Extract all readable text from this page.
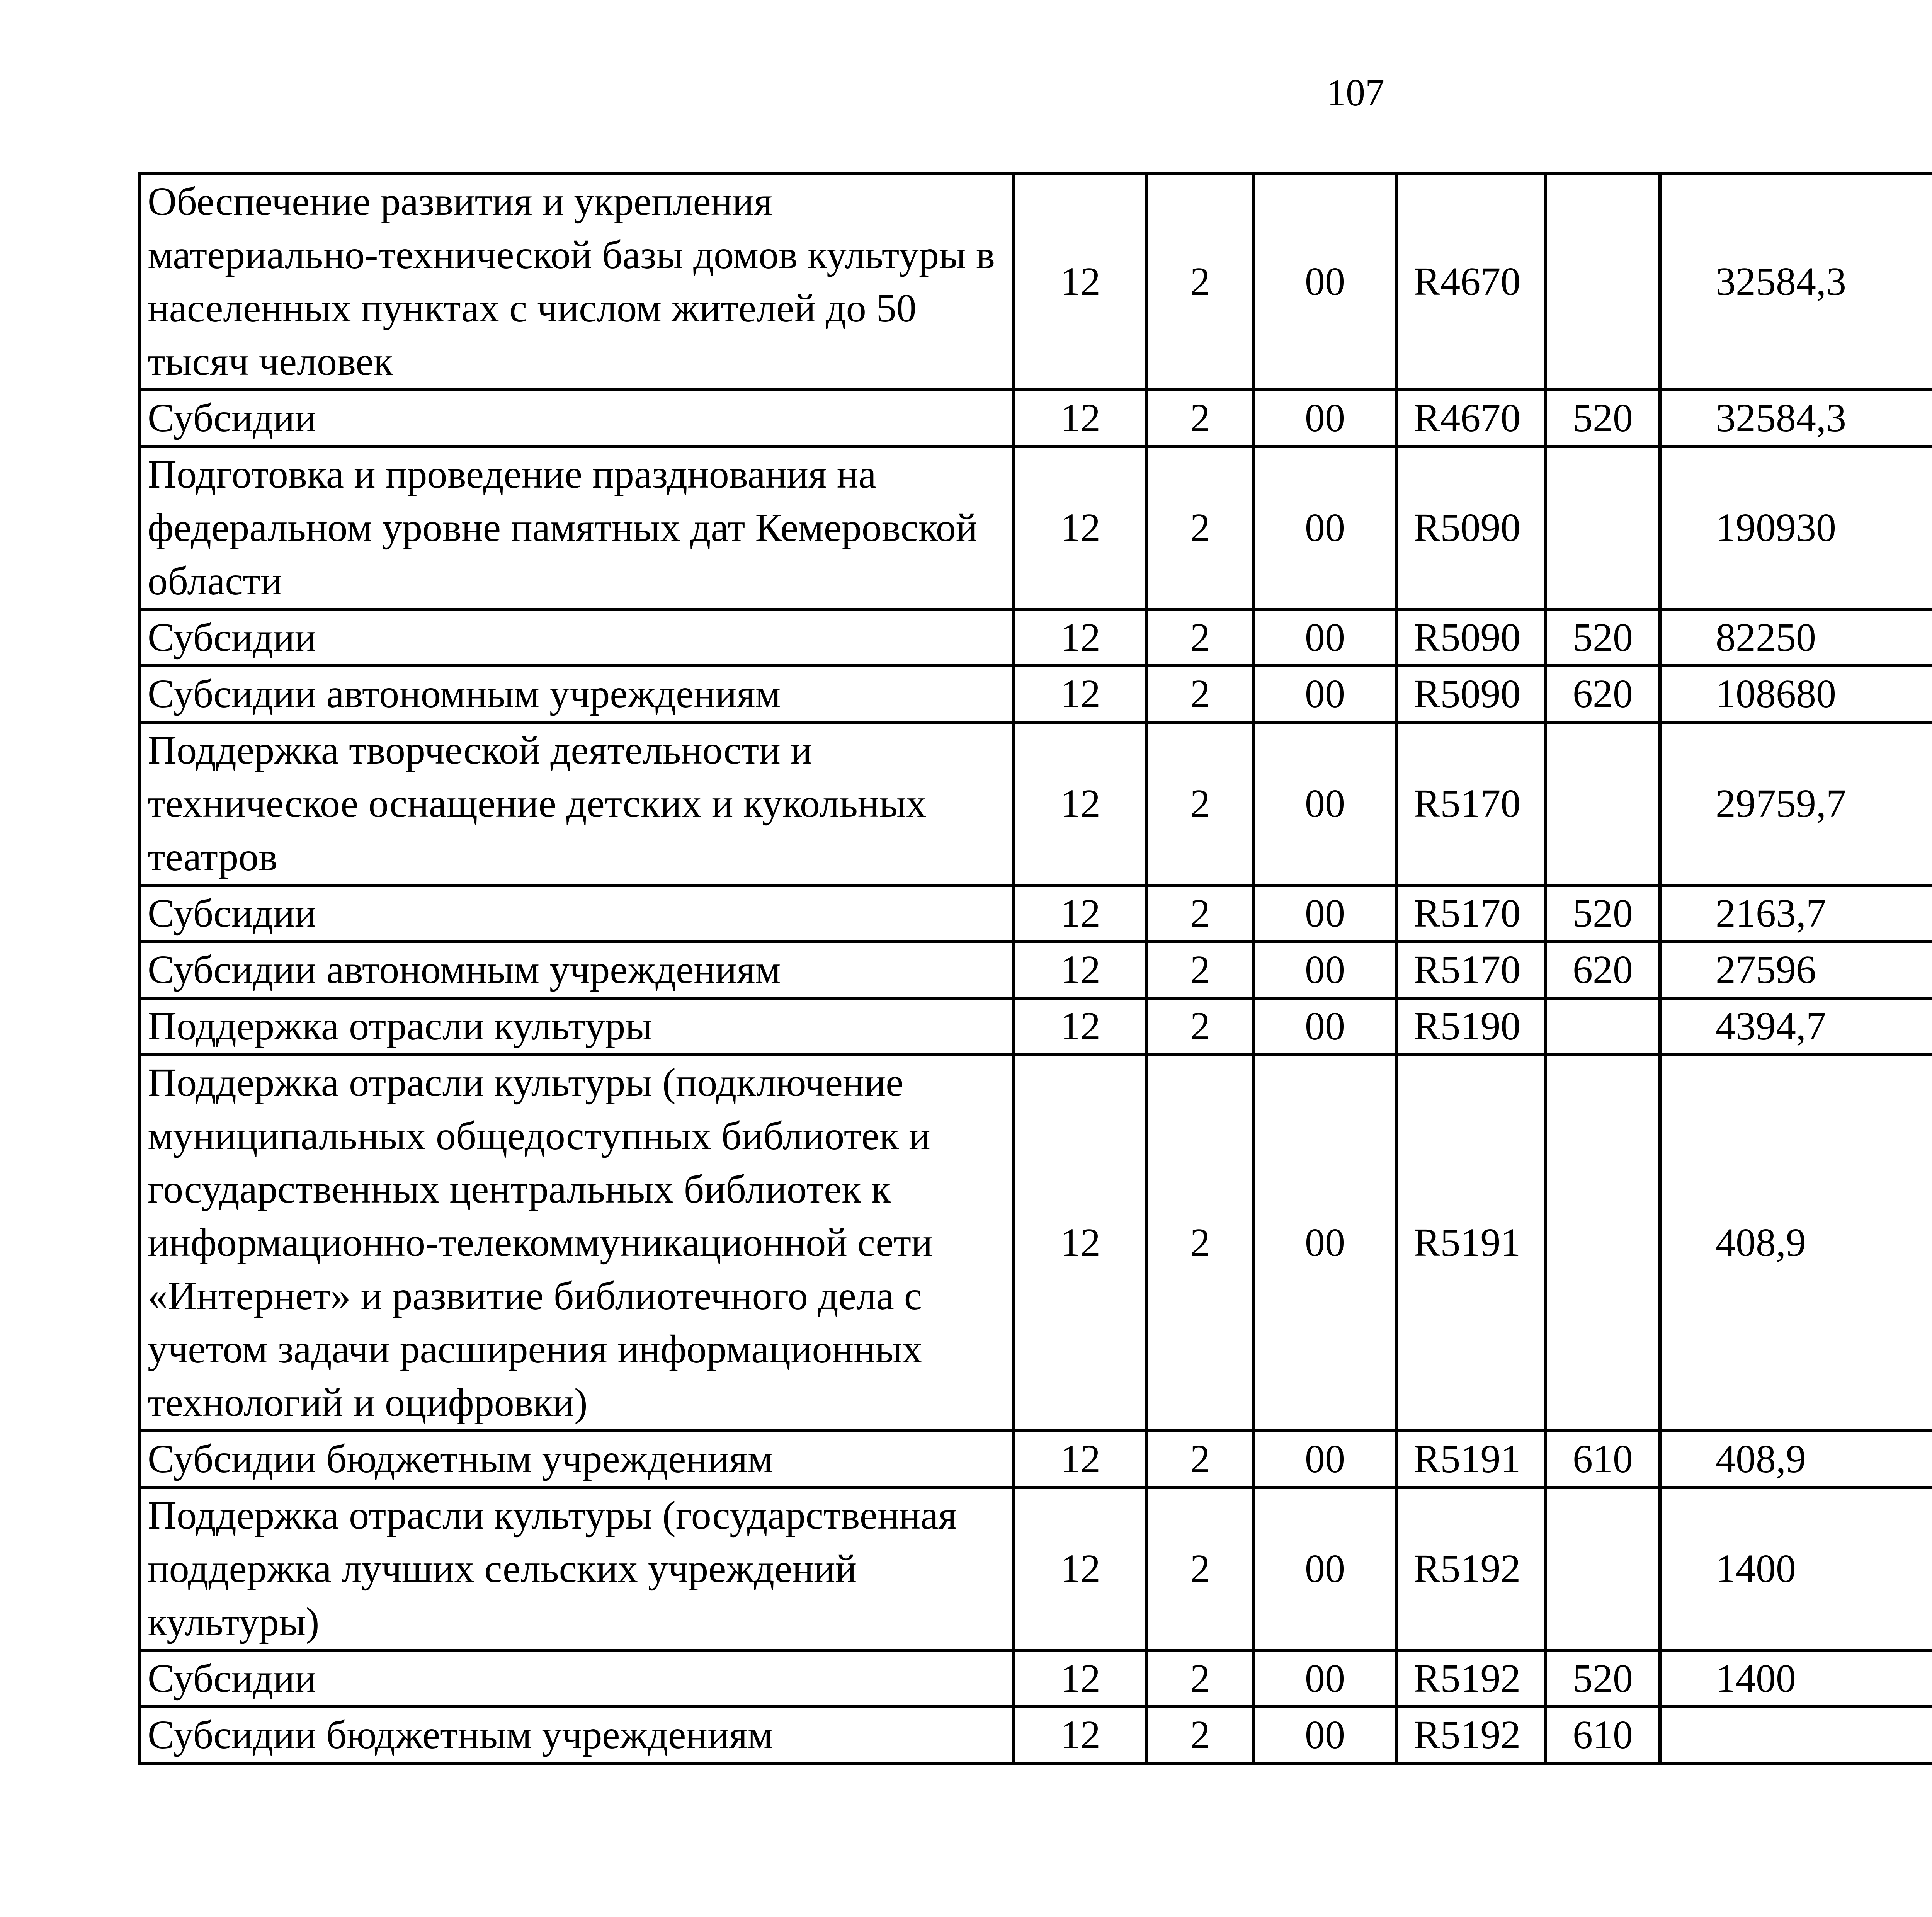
107
Обеспечение развития и укрепления материально-технической базы домов культуры в населенных пунктах с числом жителей до 50 тысяч человек	12	2	00	R4670		32584,3		
Субсидии	12	2	00	R4670	520	32584,3		
Подготовка и проведение празднования на федеральном уровне памятных дат Кемеровской области	12	2	00	R5090		190930		
Субсидии	12	2	00	R5090	520	82250		
Субсидии автономным учреждениям	12	2	00	R5090	620	108680		
Поддержка творческой деятельности и техническое оснащение детских и кукольных театров	12	2	00	R5170		29759,7		
Субсидии	12	2	00	R5170	520	2163,7		
Субсидии автономным учреждениям	12	2	00	R5170	620	27596		
Поддержка отрасли культуры	12	2	00	R5190		4394,7		
Поддержка отрасли культуры (подключение муниципальных общедоступных библиотек и государственных центральных библиотек к информационно-телекоммуникационной сети «Интернет» и развитие библиотечного дела с учетом задачи расширения информационных технологий и оцифровки)	12	2	00	R5191		408,9		
Субсидии бюджетным учреждениям	12	2	00	R5191	610	408,9		
Поддержка отрасли культуры (государственная поддержка лучших сельских учреждений культуры)	12	2	00	R5192		1400		
Субсидии	12	2	00	R5192	520	1400		
Субсидии бюджетным учреждениям	12	2	00	R5192	610			
